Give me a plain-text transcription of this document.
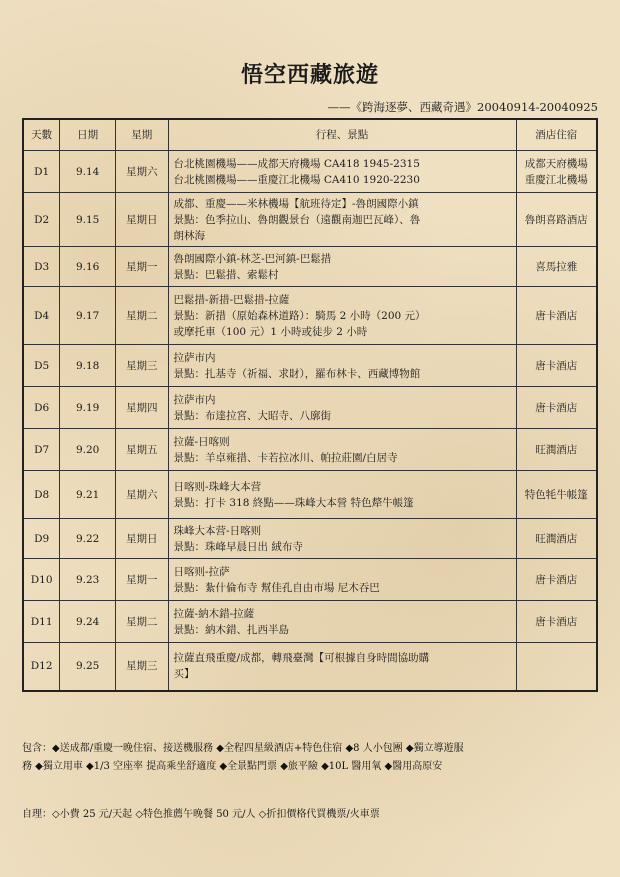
悟空西藏旅遊
——《跨海逐夢、西藏奇遇》20040914-20040925
天數	日期	星期	行程、景點	酒店住宿
D1	9.14	星期六	台北桃園機場——成都天府機場 CA418 1945-2315
台北桃園機場——重慶江北機場 CA410 1920-2230	成都天府機場
重慶江北機場

D2	9.15	星期日	成都、重慶——米林機場【航班待定】-魯朗國際小鎮
景點：色季拉山、魯朗觀景台（遠觀南迦巴瓦峰）、魯
朗林海	魯朗喜路酒店

D3	9.16	星期一	魯朗國際小鎮-林芝-巴河鎮-巴鬆措
景點：巴鬆措、索鬆村	喜馬拉雅

D4	9.17	星期二	巴鬆措-新措-巴鬆措-拉薩
景點：新措（原始森林道路）：騎馬 2 小時（200 元）
或摩托車（100 元）1 小時或徒步 2 小時	唐卡酒店

D5	9.18	星期三	拉萨市内
景點：扎基寺（祈福、求財），羅布林卡、西藏博物館	唐卡酒店

D6	9.19	星期四	拉萨市内
景點：布達拉宮、大昭寺、八廓街	唐卡酒店

D7	9.20	星期五	拉薩-日喀则
景點：羊卓雍措、卡若拉冰川、帕拉莊園/白居寺	旺潤酒店

D8	9.21	星期六	日喀则-珠峰大本营
景點：打卡 318 終點——珠峰大本營 特色犛牛帳篷	特色牦牛帳篷

D9	9.22	星期日	珠峰大本营-日喀则
景點：珠峰早晨日出 絨布寺	旺潤酒店

D10	9.23	星期一	日喀则-拉萨
景點：紮什倫布寺 幫佳孔自由市場 尼木吞巴	唐卡酒店

D11	9.24	星期二	拉薩-納木錯-拉薩
景點：納木錯、扎西半島	唐卡酒店

D12	9.25	星期三	拉薩直飛重慶/成都，轉飛臺灣【可根據自身時間協助購
买】	

包含：◆送成都/重慶一晚住宿、接送機服務 ◆全程四星級酒店+特色住宿 ◆8 人小包團 ◆獨立導遊服
務 ◆獨立用車 ◆1/3 空座率 提高乘坐舒適度 ◆全景點門票 ◆旅平險 ◆10L 醫用氧 ◆醫用高原安
自理：◇小費 25 元/天起 ◇特色推薦午晚餐 50 元/人 ◇折扣價格代買機票/火車票
